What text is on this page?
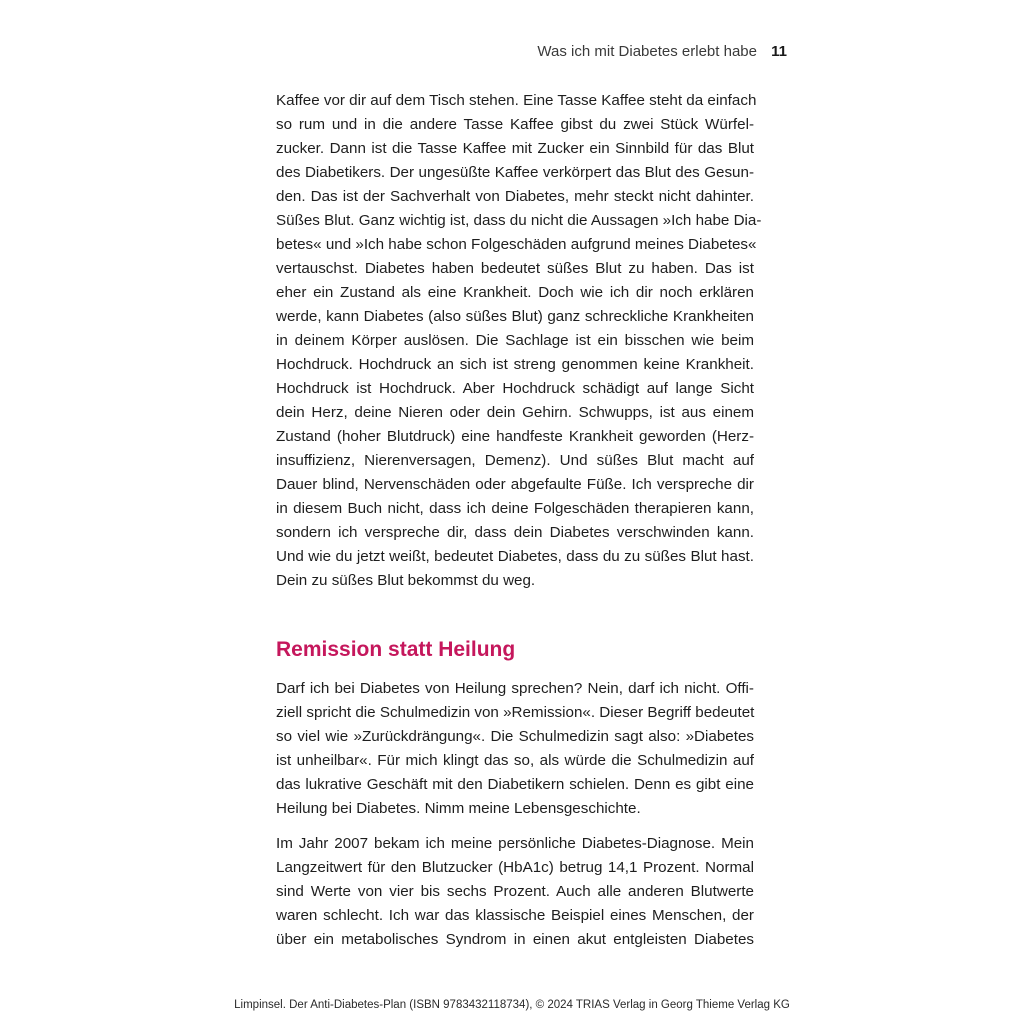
Was ich mit Diabetes erlebt habe 11
Kaffee vor dir auf dem Tisch stehen. Eine Tasse Kaffee steht da einfach
so rum und in die andere Tasse Kaffee gibst du zwei Stück Würfel-
zucker. Dann ist die Tasse Kaffee mit Zucker ein Sinnbild für das Blut
des Diabetikers. Der ungesüßte Kaffee verkörpert das Blut des Gesun-
den. Das ist der Sachverhalt von Diabetes, mehr steckt nicht dahinter.
Süßes Blut. Ganz wichtig ist, dass du nicht die Aussagen »Ich habe Dia-
betes« und »Ich habe schon Folgeschäden aufgrund meines Diabetes«
vertauschst. Diabetes haben bedeutet süßes Blut zu haben. Das ist
eher ein Zustand als eine Krankheit. Doch wie ich dir noch erklären
werde, kann Diabetes (also süßes Blut) ganz schreckliche Krankheiten
in deinem Körper auslösen. Die Sachlage ist ein bisschen wie beim
Hochdruck. Hochdruck an sich ist streng genommen keine Krankheit.
Hochdruck ist Hochdruck. Aber Hochdruck schädigt auf lange Sicht
dein Herz, deine Nieren oder dein Gehirn. Schwupps, ist aus einem
Zustand (hoher Blutdruck) eine handfeste Krankheit geworden (Herz-
insuffizienz, Nierenversagen, Demenz). Und süßes Blut macht auf
Dauer blind, Nervenschäden oder abgefaulte Füße. Ich verspreche dir
in diesem Buch nicht, dass ich deine Folgeschäden therapieren kann,
sondern ich verspreche dir, dass dein Diabetes verschwinden kann.
Und wie du jetzt weißt, bedeutet Diabetes, dass du zu süßes Blut hast.
Dein zu süßes Blut bekommst du weg.
Remission statt Heilung
Darf ich bei Diabetes von Heilung sprechen? Nein, darf ich nicht. Offi-
ziell spricht die Schulmedizin von »Remission«. Dieser Begriff bedeutet
so viel wie »Zurückdrängung«. Die Schulmedizin sagt also: »Diabetes
ist unheilbar«. Für mich klingt das so, als würde die Schulmedizin auf
das lukrative Geschäft mit den Diabetikern schielen. Denn es gibt eine
Heilung bei Diabetes. Nimm meine Lebensgeschichte.
Im Jahr 2007 bekam ich meine persönliche Diabetes-Diagnose. Mein
Langzeitwert für den Blutzucker (HbA1c) betrug 14,1 Prozent. Normal
sind Werte von vier bis sechs Prozent. Auch alle anderen Blutwerte
waren schlecht. Ich war das klassische Beispiel eines Menschen, der
über ein metabolisches Syndrom in einen akut entgleisten Diabetes
Limpinsel. Der Anti-Diabetes-Plan (ISBN 9783432118734), © 2024 TRIAS Verlag in Georg Thieme Verlag KG
